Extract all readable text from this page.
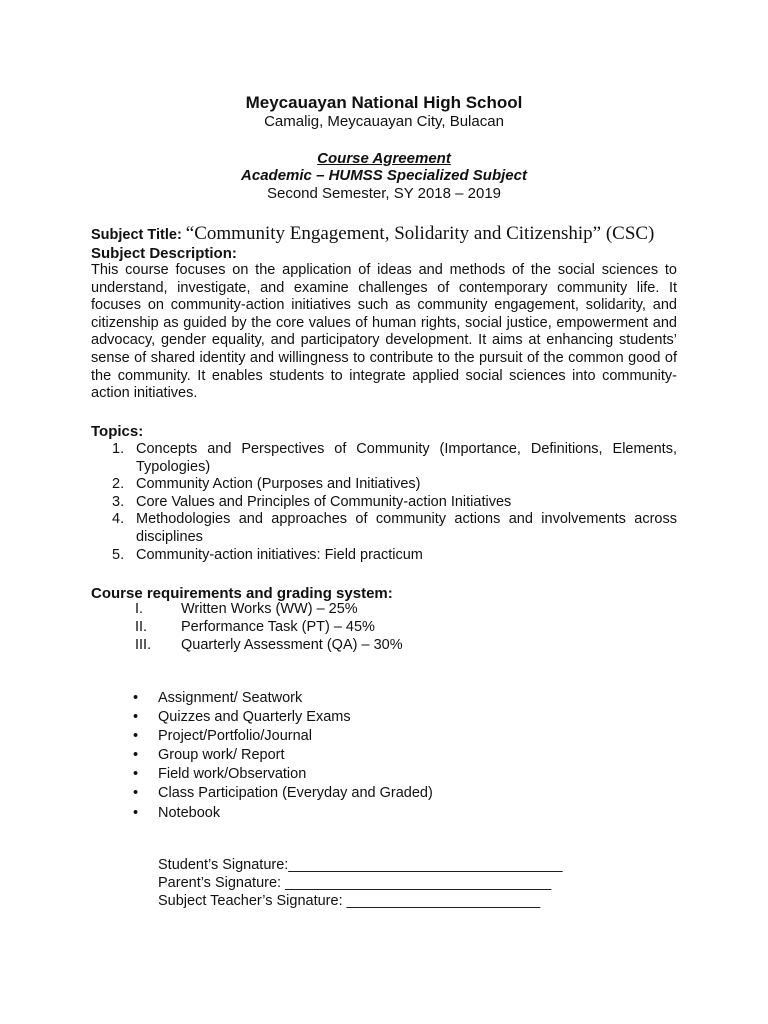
Meycauayan National High School
Camalig, Meycauayan City, Bulacan
Course Agreement
Academic – HUMSS Specialized Subject
Second Semester, SY 2018 – 2019
Subject Title: “Community Engagement, Solidarity and Citizenship” (CSC)
Subject Description:
This course focuses on the application of ideas and methods of the social sciences to understand, investigate, and examine challenges of contemporary community life. It focuses on community-action initiatives such as community engagement, solidarity, and citizenship as guided by the core values of human rights, social justice, empowerment and advocacy, gender equality, and participatory development. It aims at enhancing students’ sense of shared identity and willingness to contribute to the pursuit of the common good of the community. It enables students to integrate applied social sciences into community-action initiatives.
Topics:
1. Concepts and Perspectives of Community (Importance, Definitions, Elements, Typologies)
2. Community Action (Purposes and Initiatives)
3. Core Values and Principles of Community-action Initiatives
4. Methodologies and approaches of community actions and involvements across disciplines
5. Community-action initiatives: Field practicum
Course requirements and grading system:
I.	Written Works (WW) – 25%
II. Performance Task (PT) – 45%
III. Quarterly Assessment (QA) – 30%
• Assignment/ Seatwork
• Quizzes and Quarterly Exams
• Project/Portfolio/Journal
• Group work/ Report
• Field work/Observation
• Class Participation (Everyday and Graded)
• Notebook
Student’s Signature:__________________________________
Parent’s Signature: _________________________________
Subject Teacher’s Signature: ________________________
